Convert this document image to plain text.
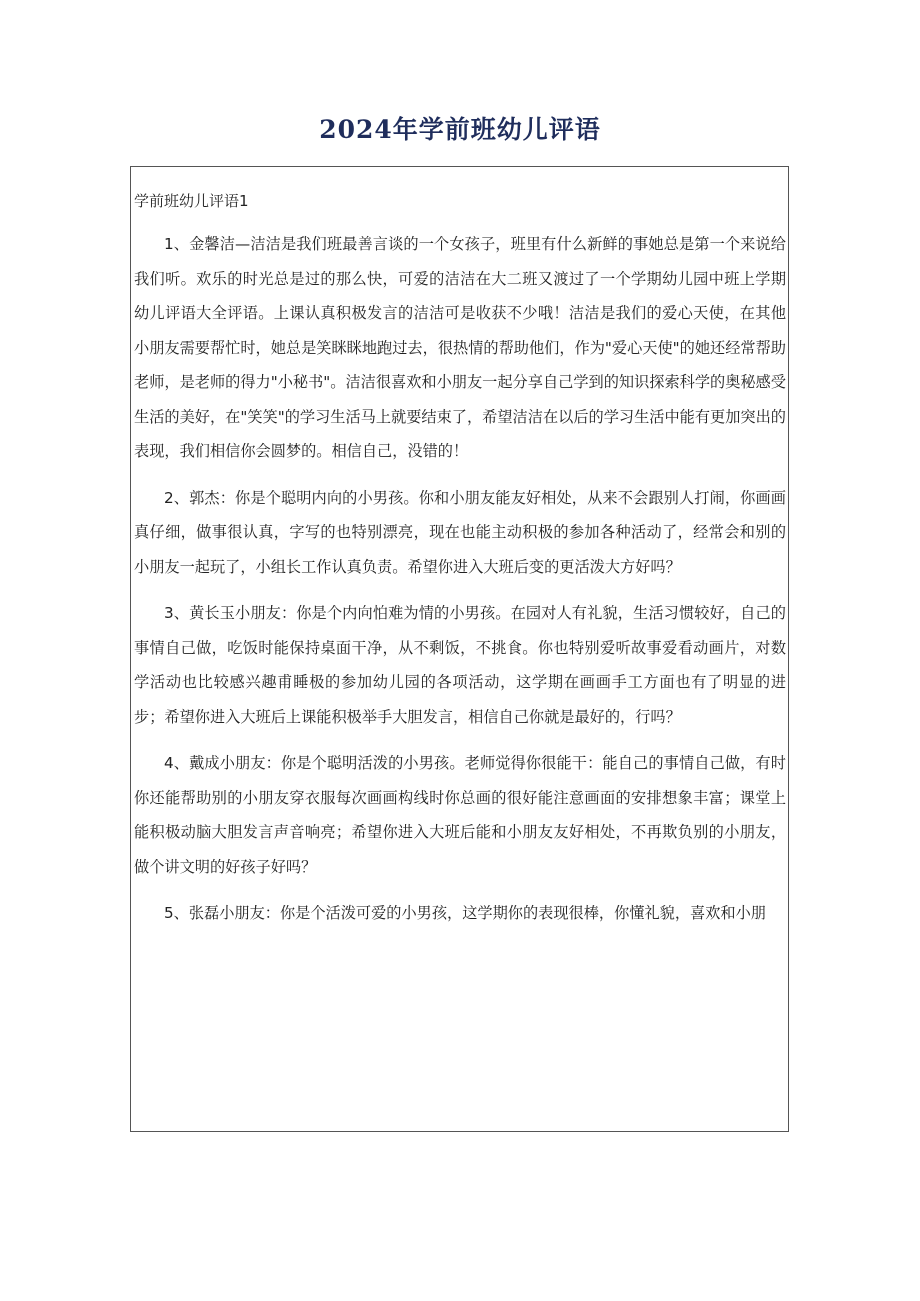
2024年学前班幼儿评语
学前班幼儿评语1

1、金馨洁—洁洁是我们班最善言谈的一个女孩子，班里有什么新鲜的事她总是第一个来说给我们听。欢乐的时光总是过的那么快，可爱的洁洁在大二班又渡过了一个学期幼儿园中班上学期幼儿评语大全评语。上课认真积极发言的洁洁可是收获不少哦！洁洁是我们的爱心天使，在其他小朋友需要帮忙时，她总是笑眯眯地跑过去，很热情的帮助他们，作为"爱心天使"的她还经常帮助老师，是老师的得力"小秘书"。洁洁很喜欢和小朋友一起分享自己学到的知识探索科学的奥秘感受生活的美好，在"笑笑"的学习生活马上就要结束了，希望洁洁在以后的学习生活中能有更加突出的表现，我们相信你会圆梦的。相信自己，没错的！

2、郭杰：你是个聪明内向的小男孩。你和小朋友能友好相处，从来不会跟别人打闹，你画画真仔细，做事很认真，字写的也特别漂亮，现在也能主动积极的参加各种活动了，经常会和别的小朋友一起玩了，小组长工作认真负责。希望你进入大班后变的更活泼大方好吗？

3、黄长玉小朋友：你是个内向怕难为情的小男孩。在园对人有礼貌，生活习惯较好，自己的事情自己做，吃饭时能保持桌面干净，从不剩饭，不挑食。你也特别爱听故事爱看动画片，对数学活动也比较感兴趣甫睡极的参加幼儿园的各项活动，这学期在画画手工方面也有了明显的进步；希望你进入大班后上课能积极举手大胆发言，相信自己你就是最好的，行吗？

4、戴成小朋友：你是个聪明活泼的小男孩。老师觉得你很能干：能自己的事情自己做，有时你还能帮助别的小朋友穿衣服每次画画构线时你总画的很好能注意画面的安排想象丰富；课堂上能积极动脑大胆发言声音响亮；希望你进入大班后能和小朋友友好相处，不再欺负别的小朋友，做个讲文明的好孩子好吗？

5、张磊小朋友：你是个活泼可爱的小男孩，这学期你的表现很棒，你懂礼貌，喜欢和小朋
